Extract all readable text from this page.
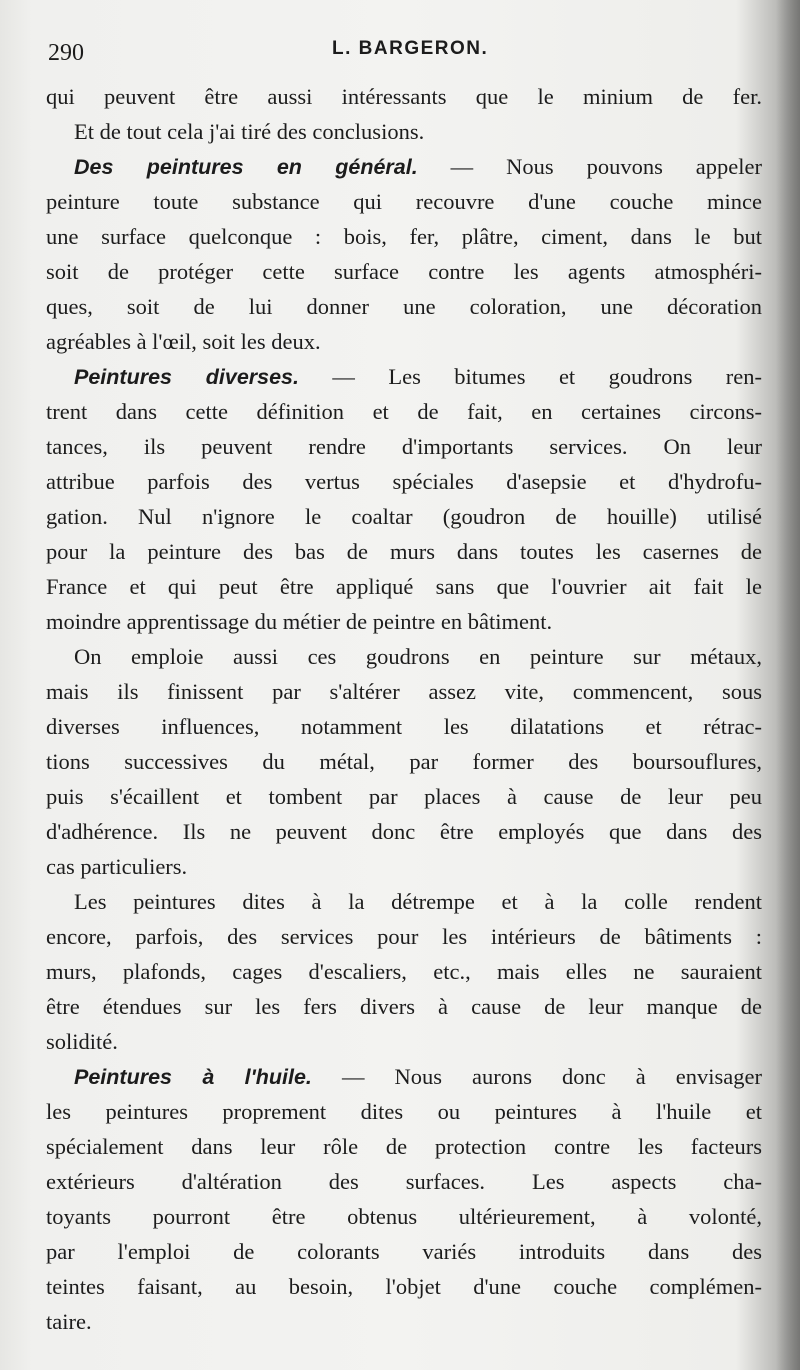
290	L. BARGERON.
qui peuvent être aussi intéressants que le minium de fer.
Et de tout cela j'ai tiré des conclusions.
Des peintures en général. — Nous pouvons appeler
peinture toute substance qui recouvre d'une couche mince
une surface quelconque : bois, fer, plâtre, ciment, dans le but
soit de protéger cette surface contre les agents atmosphéri-
ques, soit de lui donner une coloration, une décoration
agréables à l'œil, soit les deux.
Peintures diverses. — Les bitumes et goudrons ren-
trent dans cette définition et de fait, en certaines circons-
tances, ils peuvent rendre d'importants services. On leur
attribue parfois des vertus spéciales d'asepsie et d'hydrofu-
gation. Nul n'ignore le coaltar (goudron de houille) utilisé
pour la peinture des bas de murs dans toutes les casernes de
France et qui peut être appliqué sans que l'ouvrier ait fait le
moindre apprentissage du métier de peintre en bâtiment.
On emploie aussi ces goudrons en peinture sur métaux,
mais ils finissent par s'altérer assez vite, commencent, sous
diverses influences, notamment les dilatations et rétrac-
tions successives du métal, par former des boursouflures,
puis s'écaillent et tombent par places à cause de leur peu
d'adhérence. Ils ne peuvent donc être employés que dans des
cas particuliers.
Les peintures dites à la détrempe et à la colle rendent
encore, parfois, des services pour les intérieurs de bâtiments :
murs, plafonds, cages d'escaliers, etc., mais elles ne sauraient
être étendues sur les fers divers à cause de leur manque de
solidité.
Peintures à l'huile. — Nous aurons donc à envisager
les peintures proprement dites ou peintures à l'huile et
spécialement dans leur rôle de protection contre les facteurs
extérieurs d'altération des surfaces. Les aspects cha-
toyants pourront être obtenus ultérieurement, à volonté,
par l'emploi de colorants variés introduits dans des
teintes faisant, au besoin, l'objet d'une couche complémen-
taire.
